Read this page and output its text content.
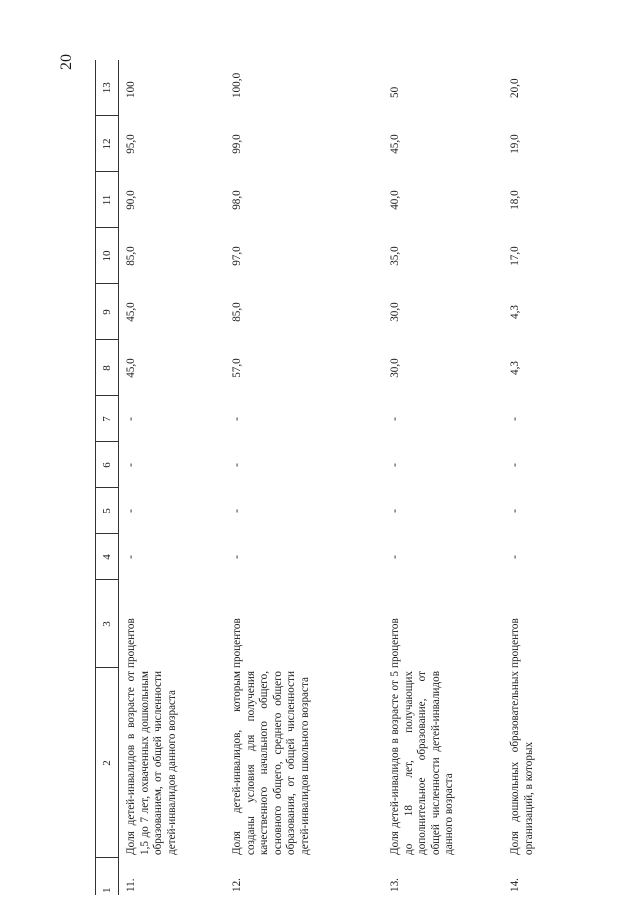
20
1	2	3	4	5	6	7	8	9	10	11	12	13
11.	Доля детей-инвалидов в возрасте от 1,5 до 7 лет, охваченных дошкольным образованием, от общей численности детей-инвалидов данного возраста	процентов	-	-	-	-	45,0	45,0	85,0	90,0	95,0	100
12.	Доля детей-инвалидов, которым созданы условия для получения качественного начального общего, основного общего, среднего общего образования, от общей численности детей-инвалидов школьного возраста	процентов	-	-	-	-	57,0	85,0	97,0	98,0	99,0	100,0
13.	Доля детей-инвалидов в возрасте от 5 до 18 лет, получающих дополнительное образование, от общей численности детей-инвалидов данного возраста	процентов	-	-	-	-	30,0	30,0	35,0	40,0	45,0	50
14.	Доля дошкольных образовательных организаций, в которых	процентов	-	-	-	-	4,3	4,3	17,0	18,0	19,0	20,0
